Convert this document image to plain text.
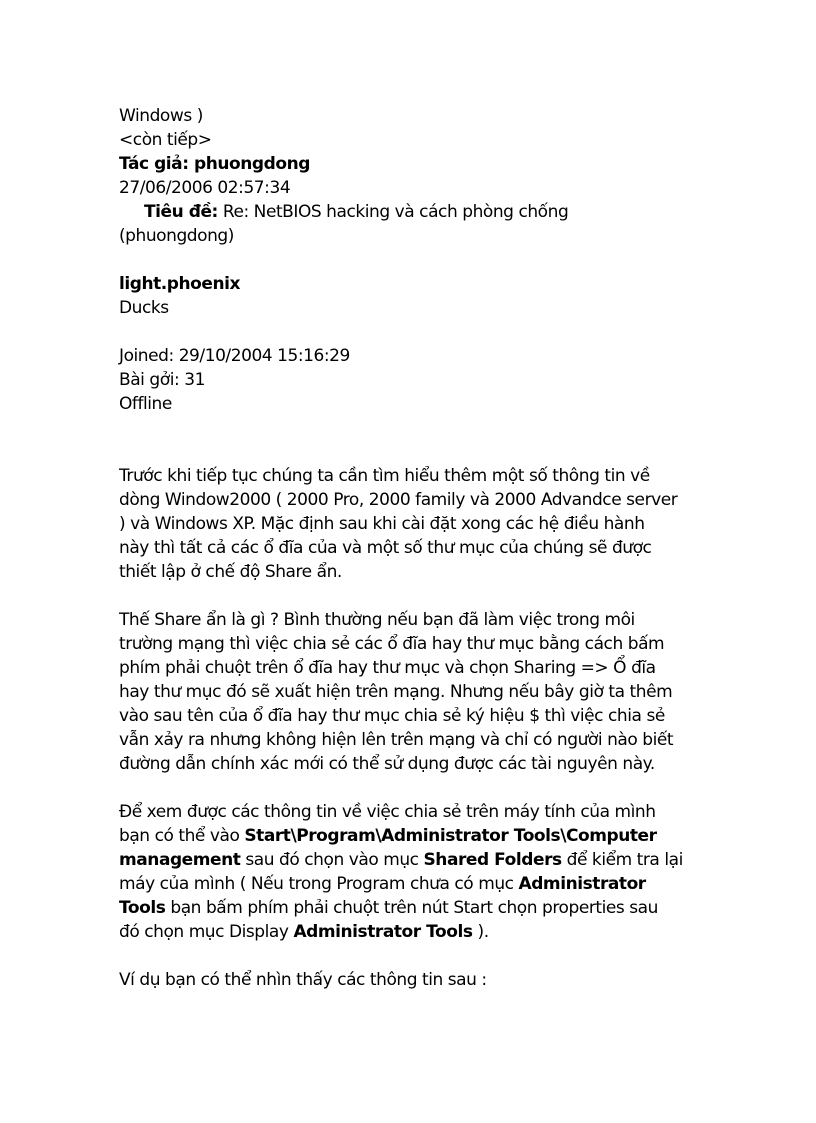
Windows )
<còn tiếp>
Tác giả: phuongdong
27/06/2006 02:57:34
Tiêu đề: Re: NetBIOS hacking và cách phòng chống
(phuongdong)
light.phoenix
Ducks
Joined: 29/10/2004 15:16:29
Bài gởi: 31
Offline

Trước khi tiếp tục chúng ta cần tìm hiểu thêm một số thông tin về

dòng Window2000 ( 2000 Pro, 2000 family và 2000 Advandce server

) và Windows XP. Mặc định sau khi cài đặt xong các hệ điều hành

này thì tất cả các ổ đĩa của và một số thư mục của chúng sẽ được

thiết lập ở chế độ Share ẩn.

Thế Share ẩn là gì ? Bình thường nếu bạn đã làm việc trong môi

trường mạng thì việc chia sẻ các ổ đĩa hay thư mục bằng cách bấm

phím phải chuột trên ổ đĩa hay thư mục và chọn Sharing => Ổ đĩa

hay thư mục đó sẽ xuất hiện trên mạng. Nhưng nếu bây giờ ta thêm

vào sau tên của ổ đĩa hay thư mục chia sẻ ký hiệu $ thì việc chia sẻ

vẫn xảy ra nhưng không hiện lên trên mạng và chỉ có người nào biết

đường dẫn chính xác mới có thể sử dụng được các tài nguyên này.

Để xem được các thông tin về việc chia sẻ trên máy tính của mình

bạn có thể vào Start\Program\Administrator Tools\Computer

management sau đó chọn vào mục Shared Folders để kiểm tra lại

máy của mình ( Nếu trong Program chưa có mục Administrator

Tools bạn bấm phím phải chuột trên nút Start chọn properties sau

đó chọn mục Display Administrator Tools ).

Ví dụ bạn có thể nhìn thấy các thông tin sau :
